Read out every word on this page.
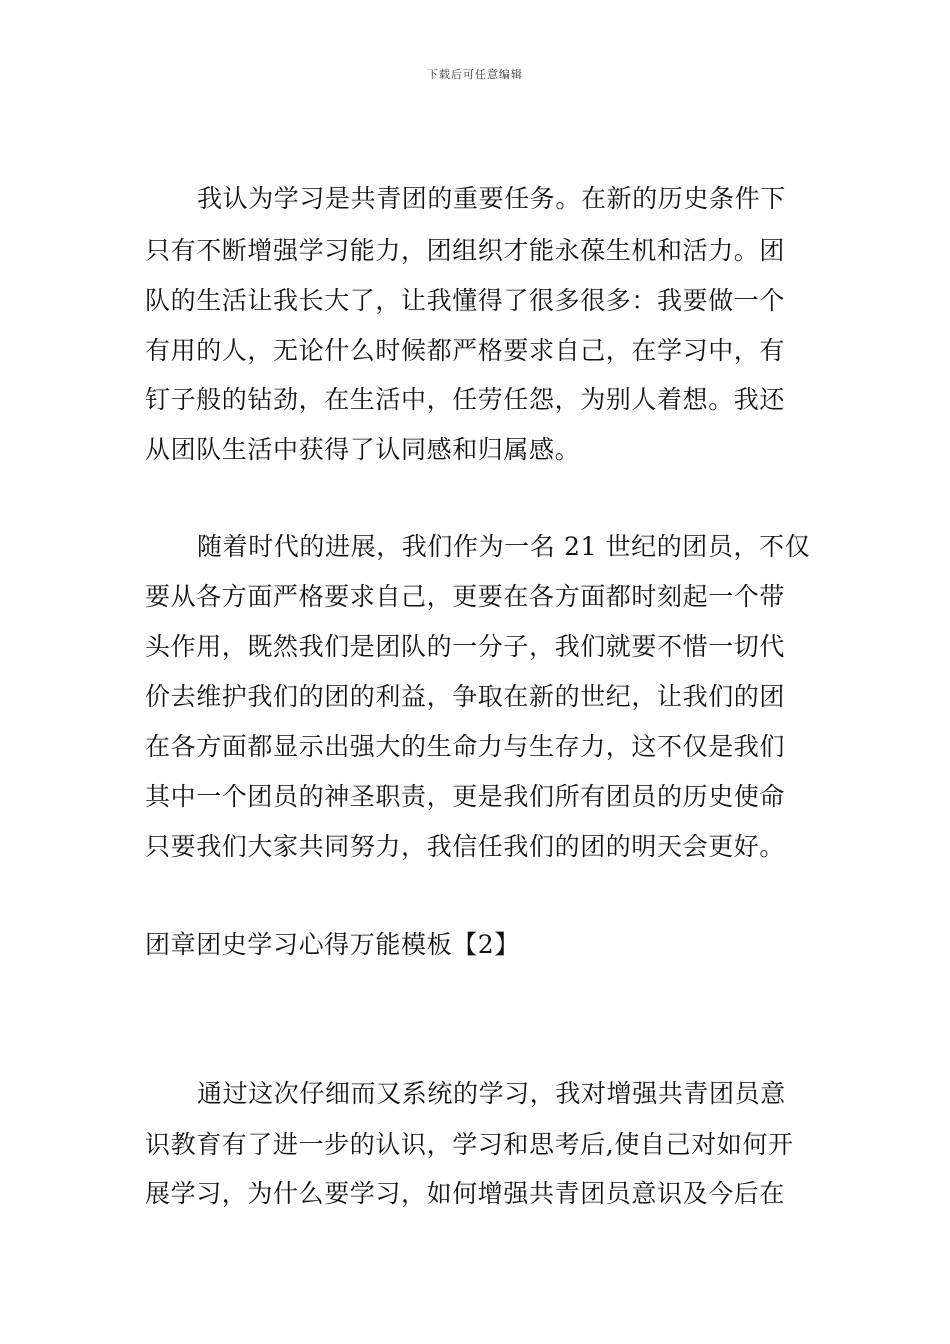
下载后可任意编辑
我认为学习是共青团的重要任务。在新的历史条件下
只有不断增强学习能力，团组织才能永葆生机和活力。团
队的生活让我长大了，让我懂得了很多很多：我要做一个
有用的人，无论什么时候都严格要求自己，在学习中，有
钉子般的钻劲，在生活中，任劳任怨，为别人着想。我还
从团队生活中获得了认同感和归属感。
随着时代的进展，我们作为一名 21 世纪的团员，不仅
要从各方面严格要求自己，更要在各方面都时刻起一个带
头作用，既然我们是团队的一分子，我们就要不惜一切代
价去维护我们的团的利益，争取在新的世纪，让我们的团
在各方面都显示出强大的生命力与生存力，这不仅是我们
其中一个团员的神圣职责，更是我们所有团员的历史使命
只要我们大家共同努力，我信任我们的团的明天会更好。
团章团史学习心得万能模板【2】
通过这次仔细而又系统的学习，我对增强共青团员意
识教育有了进一步的认识，学习和思考后,使自己对如何开
展学习，为什么要学习，如何增强共青团员意识及今后在
